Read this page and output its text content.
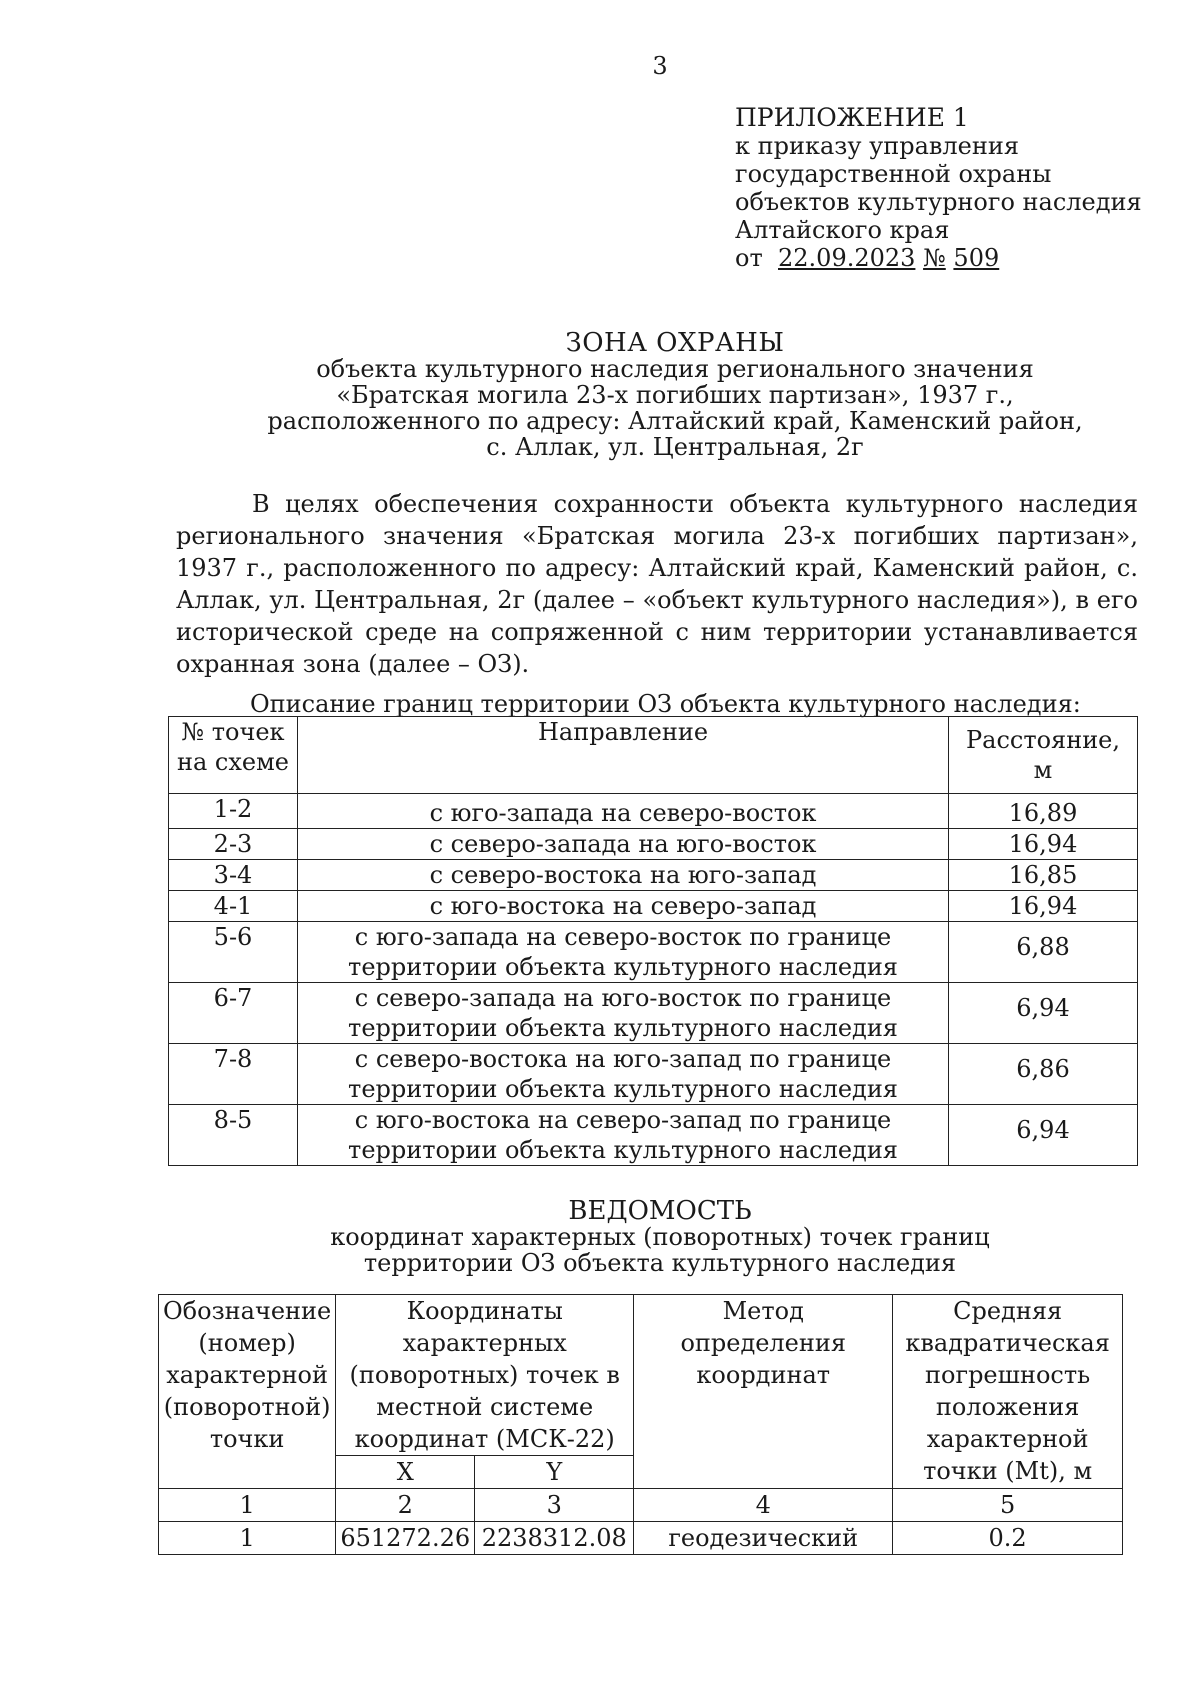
3
ПРИЛОЖЕНИЕ 1
к приказу управления
государственной охраны
объектов культурного наследия
Алтайского края
от 22.09.2023 № 509
ЗОНА ОХРАНЫ
объекта культурного наследия регионального значения
«Братская могила 23-х погибших партизан», 1937 г.,
расположенного по адресу: Алтайский край, Каменский район,
с. Аллак, ул. Центральная, 2г
В целях обеспечения сохранности объекта культурного наследия регионального значения «Братская могила 23-х погибших партизан», 1937 г., расположенного по адресу: Алтайский край, Каменский район, с. Аллак, ул. Центральная, 2г (далее – «объект культурного наследия»), в его исторической среде на сопряженной с ним территории устанавливается охранная зона (далее – ОЗ).
Описание границ территории ОЗ объекта культурного наследия:
№ точек на схеме	Направление	Расстояние, м
1-2	с юго-запада на северо-восток	16,89
2-3	с северо-запада на юго-восток	16,94
3-4	с северо-востока на юго-запад	16,85
4-1	с юго-востока на северо-запад	16,94
5-6	с юго-запада на северо-восток по границе территории объекта культурного наследия	6,88
6-7	с северо-запада на юго-восток по границе территории объекта культурного наследия	6,94
7-8	с северо-востока на юго-запад по границе территории объекта культурного наследия	6,86
8-5	с юго-востока на северо-запад по границе территории объекта культурного наследия	6,94
ВЕДОМОСТЬ
координат характерных (поворотных) точек границ
территории ОЗ объекта культурного наследия
Обозначение (номер) характерной (поворотной) точки	Координаты характерных (поворотных) точек в местной системе координат (МСК-22)		Метод определения координат	Средняя квадратическая погрешность положения характерной точки (Mt), м
	X	Y		
1	2	3	4	5
1	651272.26	2238312.08	геодезический	0.2
